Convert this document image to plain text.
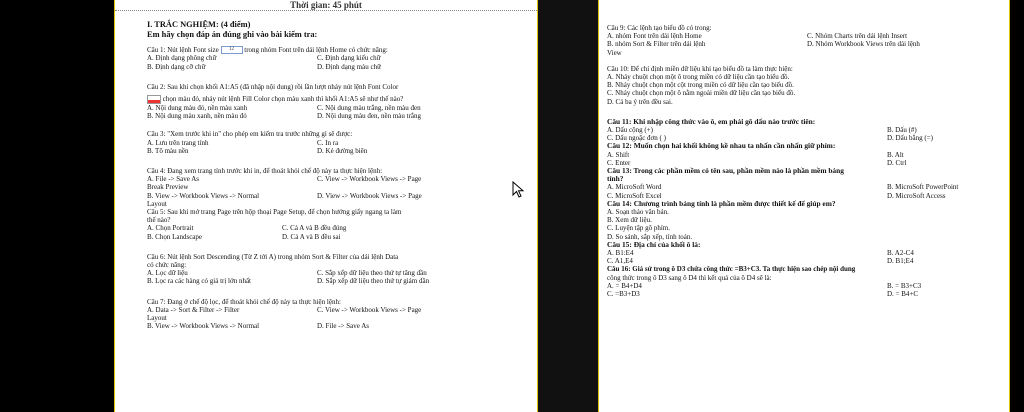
Thời gian: 45 phút
I. TRẮC NGHIỆM: (4 điểm)
Em hãy chọn đáp án đúng ghi vào bài kiểm tra:
Câu 1: Nút lệnh Font size 12 trong nhóm Font trên dải lệnh Home có chức năng:
A. Định dạng phông chữ	C. Định dạng kiểu chữ
B. Định dạng cỡ chữ	D. Định dạng màu chữ
Câu 2: Sau khi chọn khối A1:A5 (đã nhập nội dung) rồi lần lượt nháy nút lệnh Font Color
chọn màu đỏ, nháy nút lệnh Fill Color chọn màu xanh thì khối A1:A5 sẽ như thế nào?
A. Nội dung màu đỏ, nền màu xanh	C. Nội dung màu trắng, nền màu đen
B. Nội dung màu xanh, nền màu đỏ	D. Nội dung màu đen, nền màu trắng
Câu 3: "Xem trước khi in" cho phép em kiểm tra trước những gì sẽ được:
A. Lưu trên trang tính	C. In ra
B. Tô màu nền	D. Kẻ đường biên
Câu 4: Đang xem trang tính trước khi in, để thoát khỏi chế độ này ta thực hiện lệnh:
A. File -> Save As	C. View -> Workbook Views -> Page
Break Preview
B. View -> Workbook Views -> Normal	D. View -> Workbook Views -> Page
Layout
Câu 5: Sau khi mở trang Page trên hộp thoại Page Setup, để chọn hướng giấy ngang ta làm
thế nào?
A. Chọn Portrait	C. Cả A và B đều đúng
B. Chọn Landscape	D. Cả A và B đều sai
Câu 6: Nút lệnh Sort Descending (Từ Z tới A) trong nhóm Sort & Filter của dải lệnh Data
có chức năng:
A. Lọc dữ liệu	C. Sắp xếp dữ liệu theo thứ tự tăng dần
B. Lọc ra các hàng có giá trị lớn nhất	D. Sắp xếp dữ liệu theo thứ tự giảm dần
Câu 7: Đang ở chế độ lọc, để thoát khỏi chế độ này ta thực hiện lệnh:
A. Data -> Sort & Filter -> Filter	C. View -> Workbook Views -> Page
Layout
B. View -> Workbook Views -> Normal	D. File -> Save As
Câu 9: Các lệnh tạo biểu đồ có trong:
A. nhóm Font trên dải lệnh Home	C. Nhóm Charts trên dải lệnh Insert
B. nhóm Sort & Filter trên dải lệnh	D. Nhóm Workbook Views trên dải lệnh
View
Câu 10: Để chỉ định miền dữ liệu khi tạo biểu đồ ta làm thực hiện:
A. Nháy chuột chọn một ô trong miền có dữ liệu cần tạo biểu đồ.
B. Nháy chuột chọn một cột trong miền có dữ liệu cần tạo biểu đồ.
C. Nháy chuột chọn một ô nằm ngoài miền dữ liệu cần tạo biểu đồ.
D. Cả ba ý trên đều sai.
Câu 11: Khi nhập công thức vào ô, em phải gõ dấu nào trước tiên:
A. Dấu cộng (+)	B. Dấu (#)
C. Dấu ngoặc đơn ( )	D. Dấu bằng (=)
Câu 12: Muốn chọn hai khối không kề nhau ta nhấn cần nhấn giữ phím:
A. Shift	B. Alt
C. Enter	D. Ctrl
Câu 13: Trong các phần mềm có tên sau, phần mềm nào là phần mềm bảng
tính?
A. MicroSoft Word	B. MicroSoft PowerPoint
C. MicroSoft Excel	D. MicroSoft Access
Câu 14: Chương trình bảng tính là phần mềm được thiết kế để giúp em?
A. Soạn thảo văn bản.
B. Xem dữ liệu.
C. Luyện tập gõ phím.
D. So sánh, sắp xếp, tính toán.
Câu 15: Địa chỉ của khối ô là:
A. B1:E4	B. A2-C4
C. A1,E4	D. B1;E4
Câu 16: Giả sử trong ô D3 chứa công thức =B3+C3. Ta thực hiện sao chép nội dung
công thức trong ô D3 sang ô D4 thì kết quả của ô D4 sẽ là:
A. = B4+D4	B. = B3+C3
C. =B3+D3	D. = B4+C
